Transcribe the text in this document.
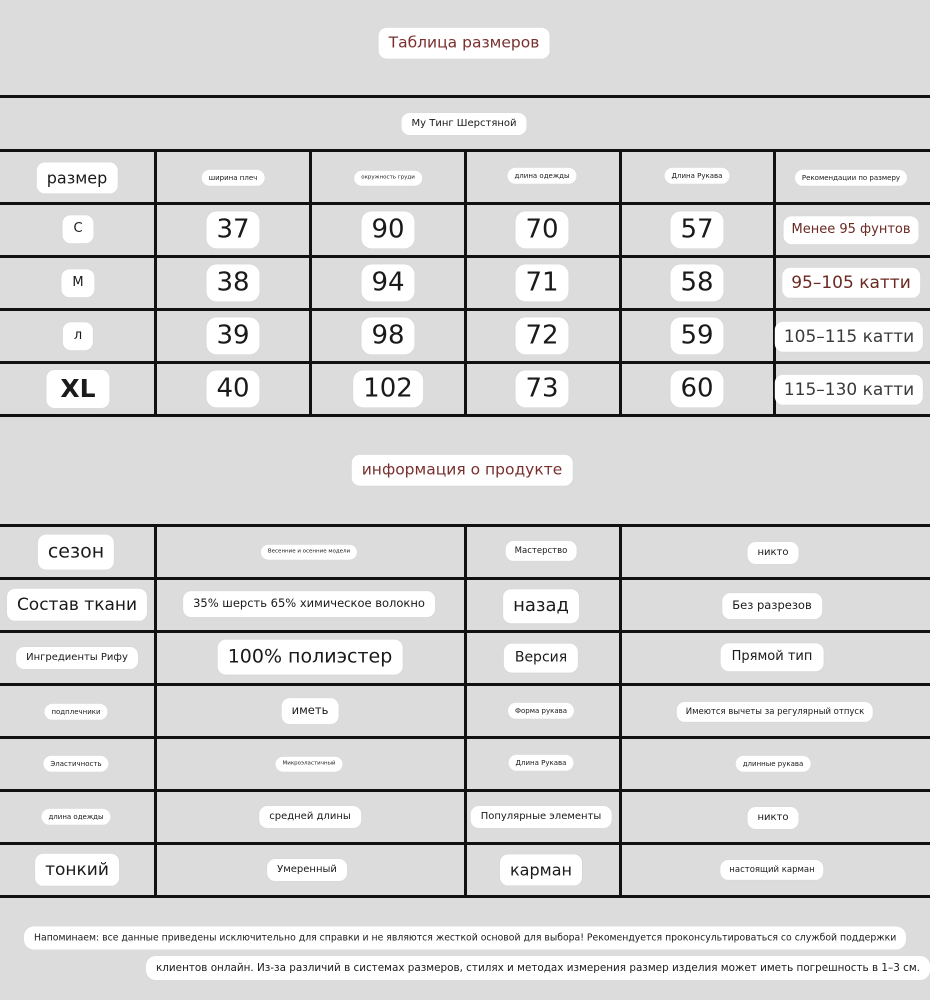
Таблица размеров
Му Тинг Шерстяной
размер	ширина плеч	окружность груди	длина одежды	Длина Рукава	Рекомендации по размеру
С	37	90	70	57	Менее 95 фунтов
М	38	94	71	58	95–105 катти
л	39	98	72	59	105–115 катти
XL	40	102	73	60	115–130 катти
информация о продукте
сезон	Весенние и осенние модели	Мастерство	никто
Состав ткани	35% шерсть 65% химическое волокно	назад	Без разрезов
Ингредиенты Рифу	100% полиэстер	Версия	Прямой тип
подплечники	иметь	Форма рукава	Имеются вычеты за регулярный отпуск
Эластичность	Микроэластичный	Длина Рукава	длинные рукава
длина одежды	средней длины	Популярные элементы	никто
тонкий	Умеренный	карман	настоящий карман
Напоминаем: все данные приведены исключительно для справки и не являются жесткой основой для выбора! Рекомендуется проконсультироваться со службой поддержки
клиентов онлайн. Из-за различий в системах размеров, стилях и методах измерения размер изделия может иметь погрешность в 1–3 см.
